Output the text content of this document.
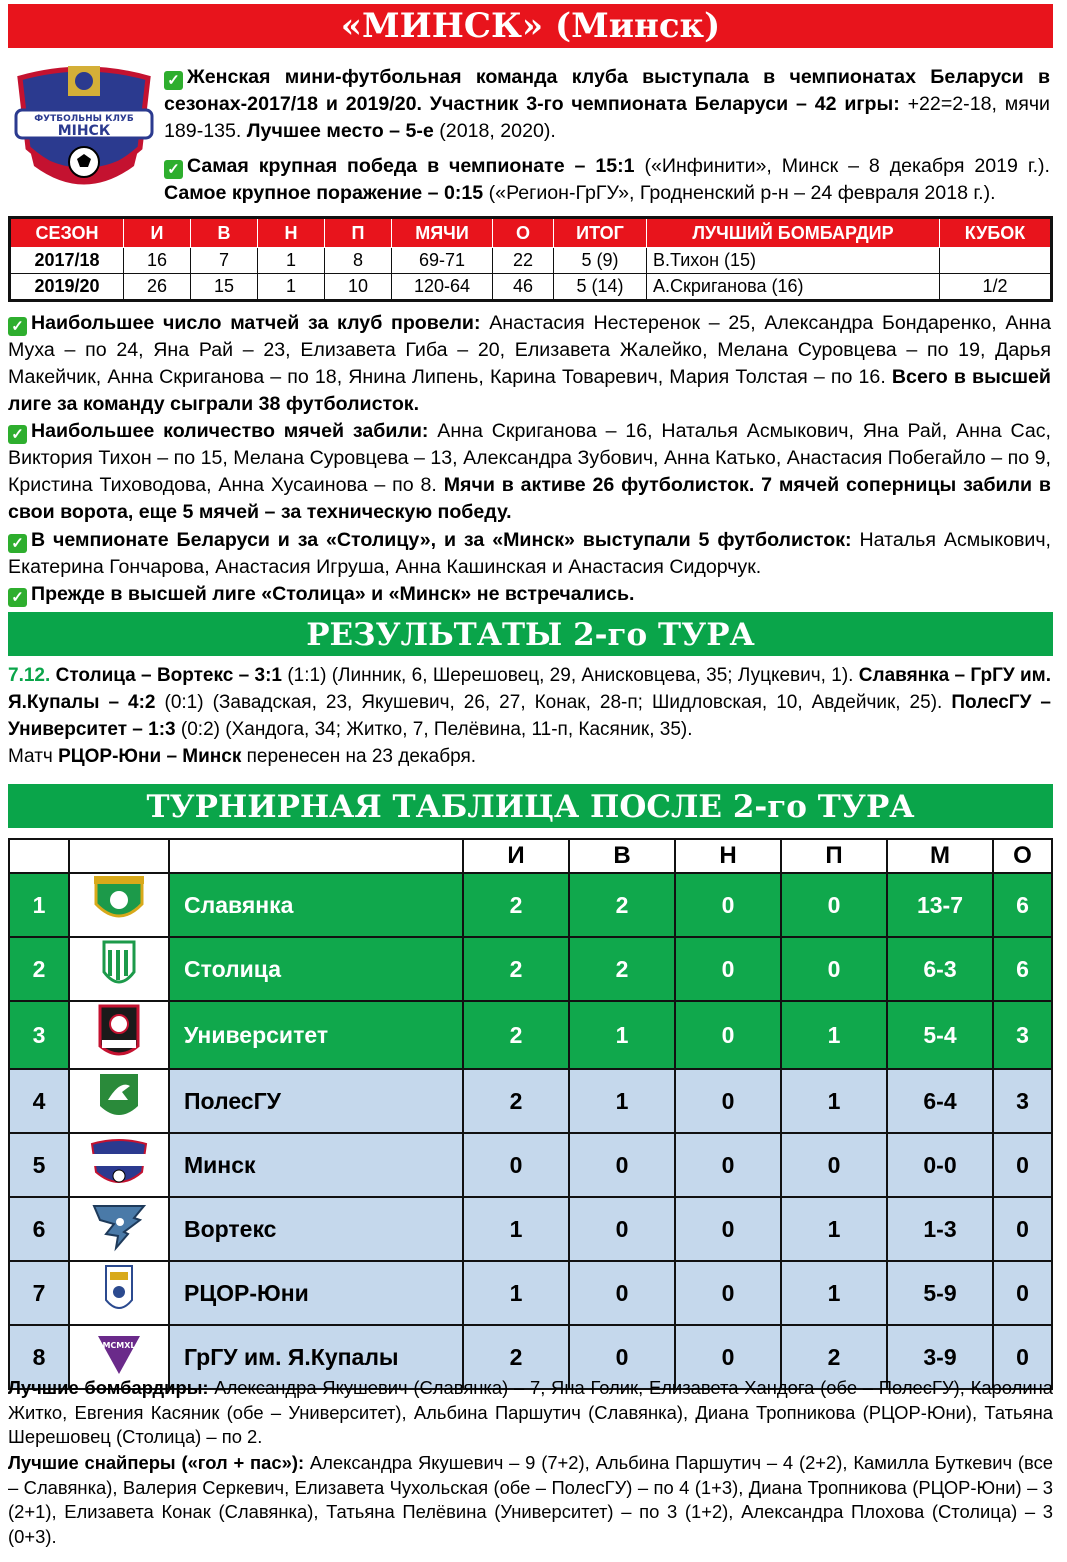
«МИНСК» (Минск)
ФУТБОЛЬНЫ КЛУБ
МІНСК
✓ Женская мини-футбольная команда клуба выступала в чемпионатах Беларуси в сезонах-2017/18 и 2019/20. Участник 3-го чемпионата Беларуси – 42 игры: +22=2-18, мячи 189-135. Лучшее место – 5-е (2018, 2020).
✓ Самая крупная победа в чемпионате – 15:1 («Инфинити», Минск – 8 декабря 2019 г.). Самое крупное поражение – 0:15 («Регион-ГрГУ», Гродненский р-н – 24 февраля 2018 г.).
СЕЗОН	И	В	Н	П	МЯЧИ	О	ИТОГ	ЛУЧШИЙ БОМБАРДИР	КУБОК
2017/18	16	7	1	8	69-71	22	5 (9)	В.Тихон (15)	
2019/20	26	15	1	10	120-64	46	5 (14)	А.Скриганова (16)	1/2
✓ Наибольшее число матчей за клуб провели: Анастасия Нестеренок – 25, Александра Бондаренко, Анна Муха – по 24, Яна Рай – 23, Елизавета Гиба – 20, Елизавета Жалейко, Мелана Суровцева – по 19, Дарья Макейчик, Анна Скриганова – по 18, Янина Липень, Карина Товаревич, Мария Толстая – по 16. Всего в высшей лиге за команду сыграли 38 футболисток.
✓ Наибольшее количество мячей забили: Анна Скриганова – 16, Наталья Асмыкович, Яна Рай, Анна Сас, Виктория Тихон – по 15, Мелана Суровцева – 13, Александра Зубович, Анна Катько, Анастасия Побегайло – по 9, Кристина Тиховодова, Анна Хусаинова – по 8. Мячи в активе 26 футболисток. 7 мячей соперницы забили в свои ворота, еще 5 мячей – за техническую победу.
✓ В чемпионате Беларуси и за «Столицу», и за «Минск» выступали 5 футболисток: Наталья Асмыкович, Екатерина Гончарова, Анастасия Игруша, Анна Кашинская и Анастасия Сидорчук.
✓ Прежде в высшей лиге «Столица» и «Минск» не встречались.
РЕЗУЛЬТАТЫ 2-го ТУРА
7.12. Столица – Вортекс – 3:1 (1:1) (Линник, 6, Шерешовец, 29, Анисковцева, 35; Луцкевич, 1). Славянка – ГрГУ им. Я.Купалы – 4:2 (0:1) (Завадская, 23, Якушевич, 26, 27, Конак, 28-п; Шидловская, 10, Авдейчик, 25). ПолесГУ – Университет – 1:3 (0:2) (Хандога, 34; Житко, 7, Пелёвина, 11-п, Касяник, 35).
Матч РЦОР-Юни – Минск перенесен на 23 декабря.
ТУРНИРНАЯ ТАБЛИЦА ПОСЛЕ 2-го ТУРА
			И	В	Н	П	М	О
1		Славянка	2	2	0	0	13-7	6
2		Столица	2	2	0	0	6-3	6
3		Университет	2	1	0	1	5-4	3
4		ПолесГУ	2	1	0	1	6-4	3
5		Минск	0	0	0	0	0-0	0
6		Вортекс	1	0	0	1	1-3	0
7		РЦОР-Юни	1	0	0	1	5-9	0
8	MCMXL	ГрГУ им. Я.Купалы	2	0	0	2	3-9	0
Лучшие бомбардиры: Александра Якушевич (Славянка) – 7, Яна Голик, Елизавета Хандога (обе – ПолесГУ), Каролина Житко, Евгения Касяник (обе – Университет), Альбина Паршутич (Славянка), Диана Тропникова (РЦОР-Юни), Татьяна Шерешовец (Столица) – по 2.
Лучшие снайперы («гол + пас»): Александра Якушевич – 9 (7+2), Альбина Паршутич – 4 (2+2), Камилла Буткевич (все – Славянка), Валерия Серкевич, Елизавета Чухольская (обе – ПолесГУ) – по 4 (1+3), Диана Тропникова (РЦОР-Юни) – 3 (2+1), Елизавета Конак (Славянка), Татьяна Пелёвина (Университет) – по 3 (1+2), Александра Плохова (Столица) – 3 (0+3).
